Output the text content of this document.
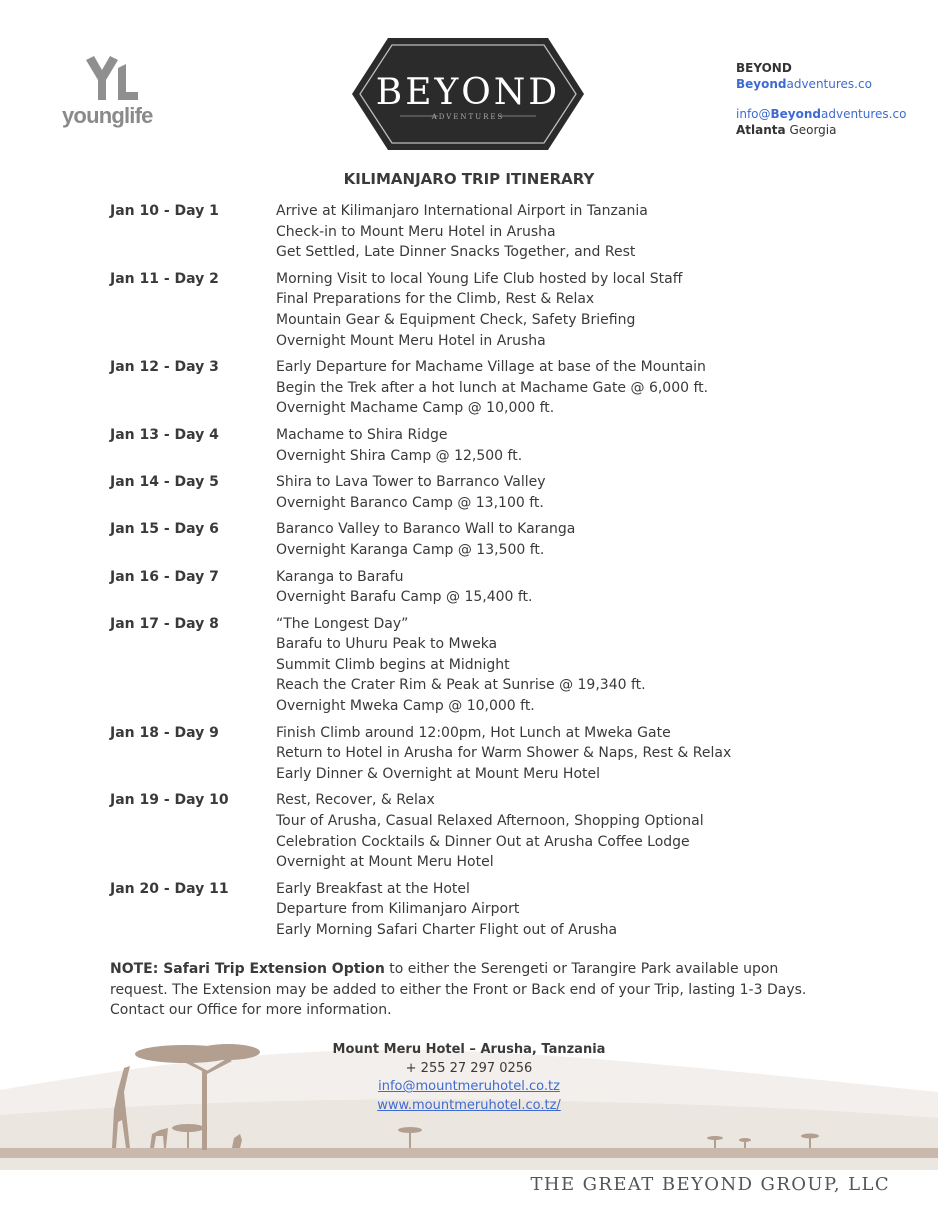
younglife
BEYOND
ADVENTURES
BEYOND
Beyondadventures.co
info@Beyondadventures.co
Atlanta Georgia
KILIMANJARO TRIP ITINERARY
Jan 10 - Day 1	Arrive at Kilimanjaro International Airport in Tanzania
Check-in to Mount Meru Hotel in Arusha
Get Settled, Late Dinner Snacks Together, and Rest
Jan 11 - Day 2	Morning Visit to local Young Life Club hosted by local Staff
Final Preparations for the Climb, Rest & Relax
Mountain Gear & Equipment Check, Safety Briefing
Overnight Mount Meru Hotel in Arusha
Jan 12 - Day 3	Early Departure for Machame Village at base of the Mountain
Begin the Trek after a hot lunch at Machame Gate @ 6,000 ft.
Overnight Machame Camp @ 10,000 ft.
Jan 13 - Day 4	Machame to Shira Ridge
Overnight Shira Camp @ 12,500 ft.
Jan 14 - Day 5	Shira to Lava Tower to Barranco Valley
Overnight Baranco Camp @ 13,100 ft.
Jan 15 - Day 6	Baranco Valley to Baranco Wall to Karanga
Overnight Karanga Camp @ 13,500 ft.
Jan 16 - Day 7	Karanga to Barafu
Overnight Barafu Camp @ 15,400 ft.
Jan 17 - Day 8	“The Longest Day”
Barafu to Uhuru Peak to Mweka
Summit Climb begins at Midnight
Reach the Crater Rim & Peak at Sunrise @ 19,340 ft.
Overnight Mweka Camp @ 10,000 ft.
Jan 18 - Day 9	Finish Climb around 12:00pm, Hot Lunch at Mweka Gate
Return to Hotel in Arusha for Warm Shower & Naps, Rest & Relax
Early Dinner & Overnight at Mount Meru Hotel
Jan 19 - Day 10	Rest, Recover, & Relax
Tour of Arusha, Casual Relaxed Afternoon, Shopping Optional
Celebration Cocktails & Dinner Out at Arusha Coffee Lodge
Overnight at Mount Meru Hotel
Jan 20 - Day 11	Early Breakfast at the Hotel
Departure from Kilimanjaro Airport
Early Morning Safari Charter Flight out of Arusha
NOTE: Safari Trip Extension Option to either the Serengeti or Tarangire Park available upon request. The Extension may be added to either the Front or Back end of your Trip, lasting 1-3 Days. Contact our Office for more information.
Mount Meru Hotel – Arusha, Tanzania
+ 255 27 297 0256
info@mountmeruhotel.co.tz
www.mountmeruhotel.co.tz/
THE GREAT BEYOND GROUP, LLC
